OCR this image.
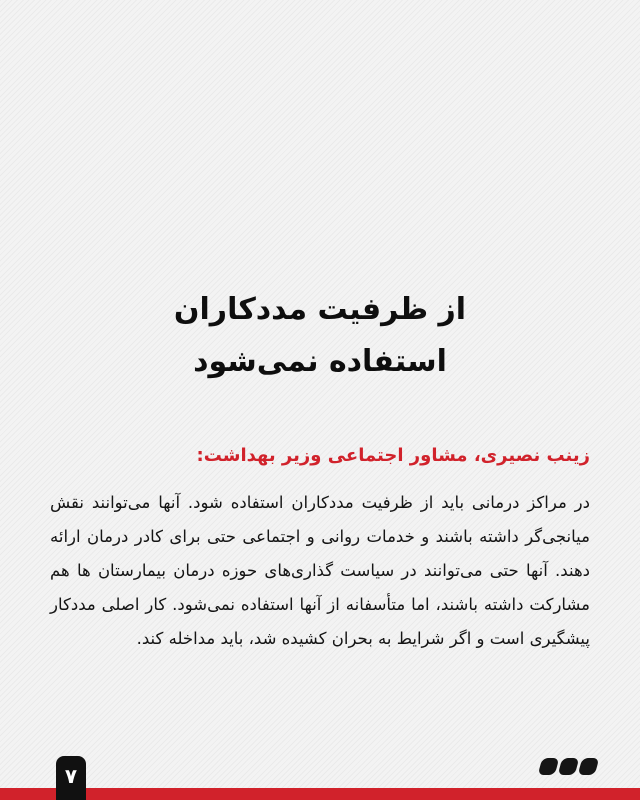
از ظرفیت مددکاران
استفاده نمی‌شود
زینب نصیری، مشاور اجتماعی وزیر بهداشت:

در مراکز درمانی باید از ظرفیت مددکاران استفاده شود. آنها می‌توانند نقش میانجی‌گر داشته باشند و خدمات روانی و اجتماعی حتی برای کادر درمان ارائه دهند. آنها حتی می‌توانند در سیاست گذاری‌های حوزه درمان بیمارستان ها هم مشارکت داشته باشند، اما متأسفانه از آنها استفاده نمی‌شود. کار اصلی مددکار پیشگیری است و اگر شرایط به بحران کشیده شد، باید مداخله کند.

۷
